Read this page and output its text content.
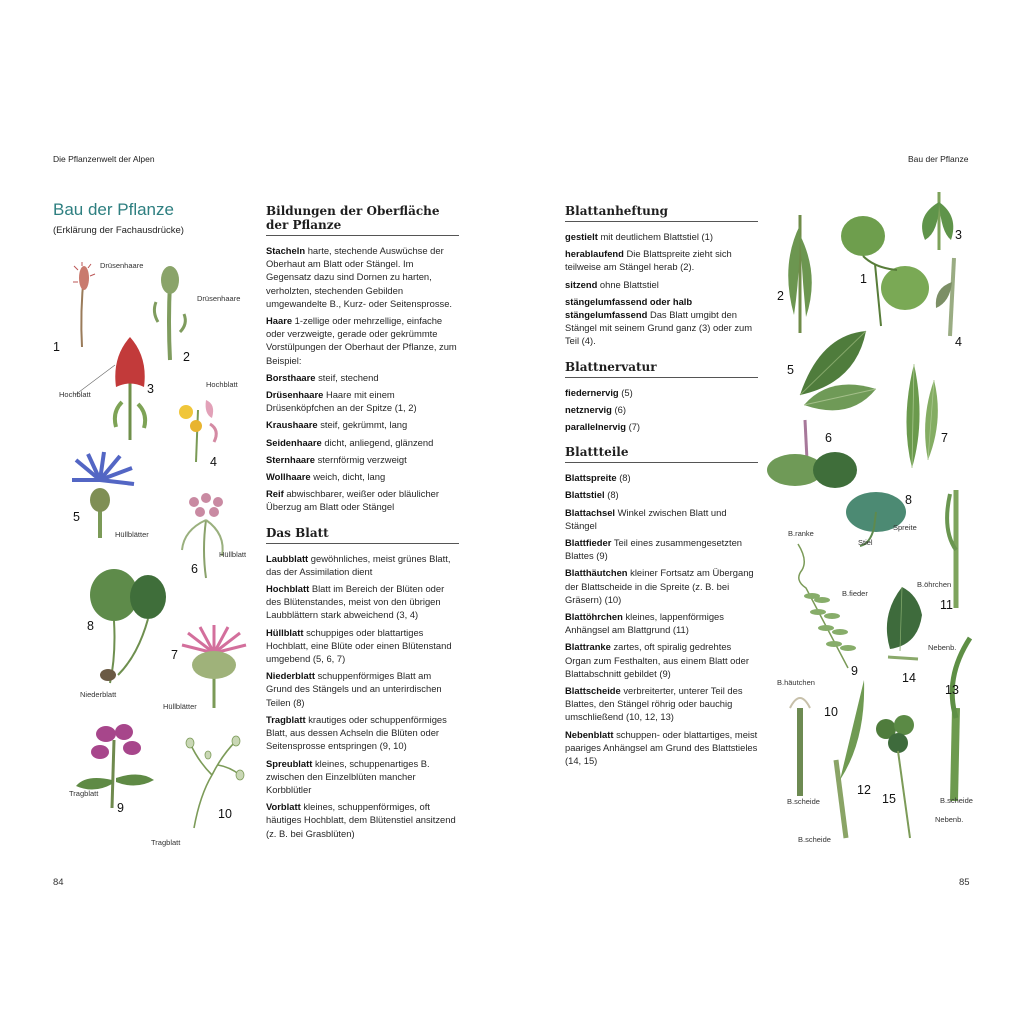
Die Pflanzenwelt der Alpen
Bau der Pflanze
(Erklärung der Fachausdrücke)
Drüsenhaare
1
Drüsenhaare
2
Hochblatt	3	Hochblatt
4
Hüllblätter
5
Hüllblatt
6
Niederblatt
8
Hüllblätter
7
Tragblatt
9
Tragblatt
10
Bildungen der Oberfläche der Pflanze

Stacheln harte, stechende Auswüchse der Oberhaut am Blatt oder Stängel. Im Gegensatz dazu sind Dornen zu harten, verholzten, stechenden Gebilden umgewandelte B., Kurz- oder Seitensprosse.

Haare 1-zellige oder mehrzellige, einfache oder verzweigte, gerade oder gekrümmte Vorstülpungen der Oberhaut der Pflanze, zum Beispiel:

Borsthaare steif, stechend

Drüsenhaare Haare mit einem Drüsenköpfchen an der Spitze (1, 2)

Kraushaare steif, gekrümmt, lang

Seidenhaare dicht, anliegend, glänzend

Sternhaare sternförmig verzweigt

Wollhaare weich, dicht, lang

Reif abwischbarer, weißer oder bläulicher Überzug am Blatt oder Stängel

Das Blatt

Laubblatt gewöhnliches, meist grünes Blatt, das der Assimilation dient

Hochblatt Blatt im Bereich der Blüten oder des Blütenstandes, meist von den übrigen Laubblättern stark abweichend (3, 4)

Hüllblatt schuppiges oder blattartiges Hochblatt, eine Blüte oder einen Blütenstand umgebend (5, 6, 7)

Niederblatt schuppenförmiges Blatt am Grund des Stängels und an unterirdischen Teilen (8)

Tragblatt krautiges oder schuppenförmiges Blatt, aus dessen Achseln die Blüten oder Seitensprosse entspringen (9, 10)

Spreublatt kleines, schuppenartiges B. zwischen den Einzelblüten mancher Korbblütler

Vorblatt kleines, schuppenförmiges, oft häutiges Hochblatt, dem Blütenstiel ansitzend (z. B. bei Grasblüten)

84
Bau der Pflanze
Blattanheftung

gestielt mit deutlichem Blattstiel (1)

herablaufend Die Blattspreite zieht sich teilweise am Stängel herab (2).

sitzend ohne Blattstiel

stängelumfassend oder halb stängelumfassend Das Blatt umgibt den Stängel mit seinem Grund ganz (3) oder zum Teil (4).

Blattnervatur

fiedernervig (5)

netznervig (6)

parallelnervig (7)

Blattteile

Blattspreite (8)

Blattstiel (8)

Blattachsel Winkel zwischen Blatt und Stängel

Blattfieder Teil eines zusammengesetzten Blattes (9)

Blatthäutchen kleiner Fortsatz am Übergang der Blattscheide in die Spreite (z. B. bei Gräsern) (10)

Blattöhrchen kleines, lappenförmiges Anhängsel am Blattgrund (11)

Blattranke zartes, oft spiralig gedrehtes Organ zum Festhalten, aus einem Blatt oder Blattabschnitt gebildet (9)

Blattscheide verbreiterter, unterer Teil des Blattes, den Stängel röhrig oder bauchig umschließend (10, 12, 13)

Nebenblatt schuppen- oder blattartiges, meist paariges Anhängsel am Grund des Blattstieles (14, 15)

2
1
3
4
5
7
6
8
Spreite
Stiel
B.ranke
B.fieder
9
B.öhrchen
11
Nebenb.
14
B.häutchen
10
B.scheide
12
B.scheide
15
Nebenb.
13
B.scheide
85
